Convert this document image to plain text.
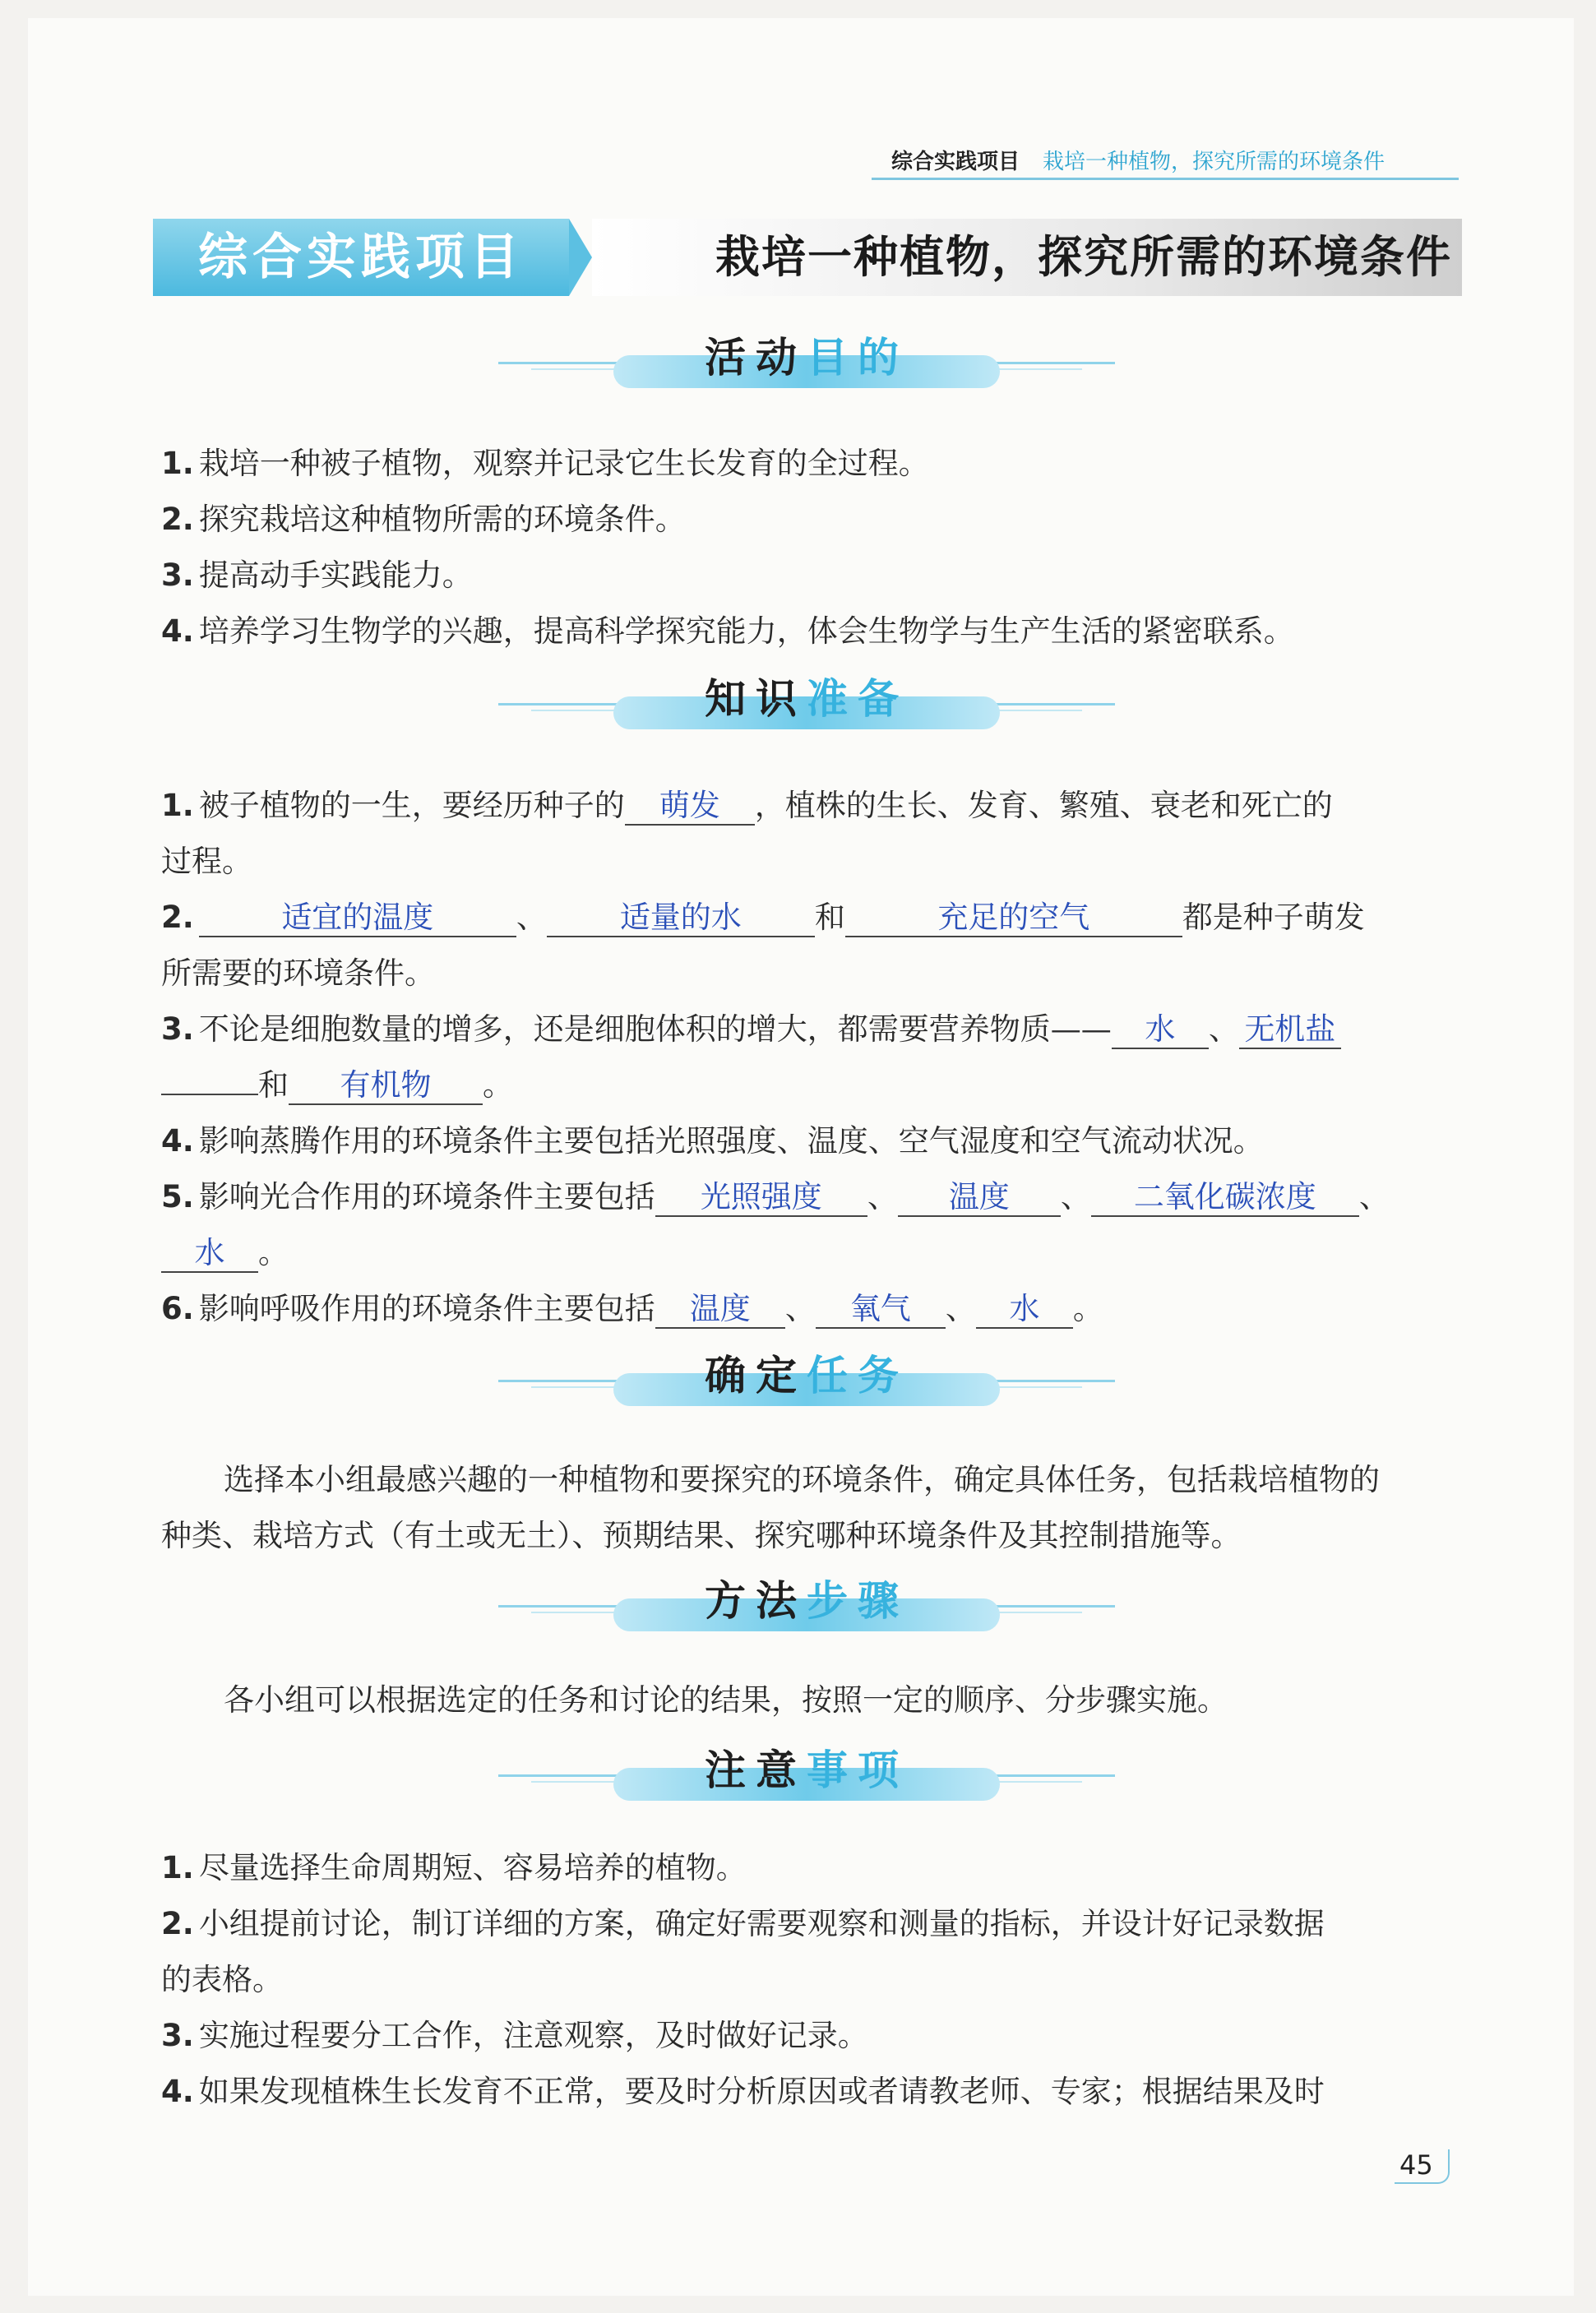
综合实践项目 栽培一种植物，探究所需的环境条件
综合实践项目	栽培一种植物，探究所需的环境条件
活动目的
1. 栽培一种被子植物，观察并记录它生长发育的全过程。
2. 探究栽培这种植物所需的环境条件。
3. 提高动手实践能力。
4. 培养学习生物学的兴趣，提高科学探究能力，体会生物学与生产生活的紧密联系。
知识准备
1. 被子植物的一生，要经历种子的 萌发 ，植株的生长、发育、繁殖、衰老和死亡的
过程。
2.	适宜的温度	、 适量的水 和	充足的空气	都是种子萌发
所需要的环境条件。
3. 不论是细胞数量的增多，还是细胞体积的增大，都需要营养物质—— 水 、 无机盐
和 有机物 。
4. 影响蒸腾作用的环境条件主要包括光照强度、温度、空气湿度和空气流动状况。
5. 影响光合作用的环境条件主要包括 光照强度 、 温度 、 二氧化碳浓度 、
水 。
6. 影响呼吸作用的环境条件主要包括 温度 、 氧气 、 水 。
确定任务
选择本小组最感兴趣的一种植物和要探究的环境条件，确定具体任务，包括栽培植物的
种类、栽培方式（有土或无土）、预期结果、探究哪种环境条件及其控制措施等。
方法步骤
各小组可以根据选定的任务和讨论的结果，按照一定的顺序、分步骤实施。
注意事项
1. 尽量选择生命周期短、容易培养的植物。
2. 小组提前讨论，制订详细的方案，确定好需要观察和测量的指标，并设计好记录数据
的表格。
3. 实施过程要分工合作，注意观察，及时做好记录。
4. 如果发现植株生长发育不正常，要及时分析原因或者请教老师、专家；根据结果及时
45
